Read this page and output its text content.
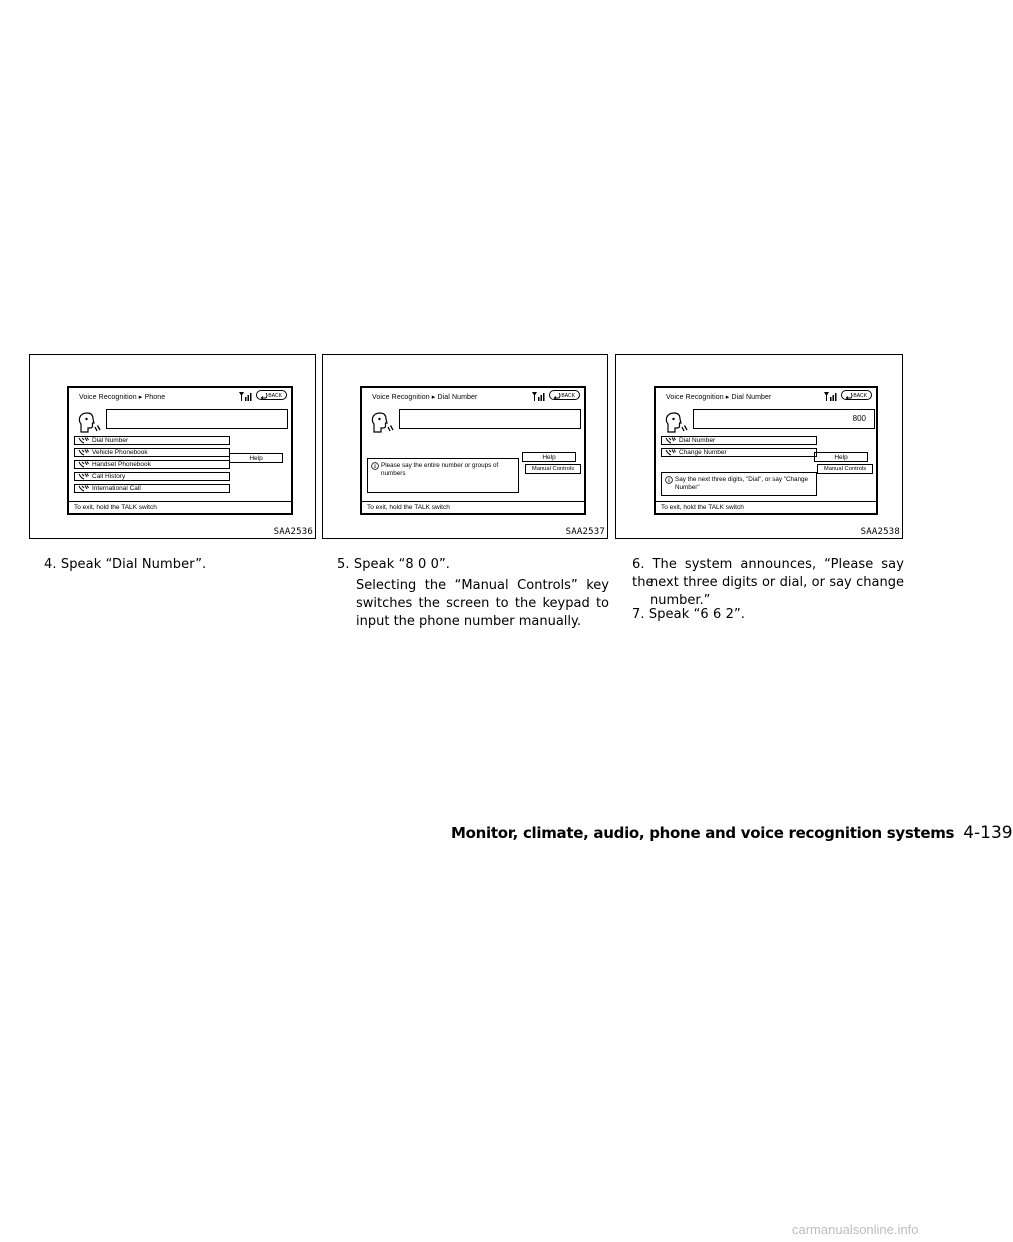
Voice Recognition ▸ Phone	BACK
Dial Number
Vehicle Phonebook
Handset Phonebook
Call History
International Call
Help
To exit, hold the TALK switch
SAA2536
Voice Recognition ▸ Dial Number	BACK
Help
Manual Controls
Please say the entire number or groups of numbers
To exit, hold the TALK switch
SAA2537
Voice Recognition ▸ Dial Number	BACK
800
Dial Number
Change Number
Help
Manual Controls
Say the next three digits, "Dial", or say "Change Number"
To exit, hold the TALK switch
SAA2538
4. Speak “Dial Number”.	5. Speak “8 0 0”.
Selecting the “Manual Controls” key switches the screen to the keypad to input the phone number manually.
6. The system announces, “Please say the
next three digits or dial, or say change number.”
7. Speak “6 6 2”.
Monitor, climate, audio, phone and voice recognition systems 4-139
carmanualsonline.info
